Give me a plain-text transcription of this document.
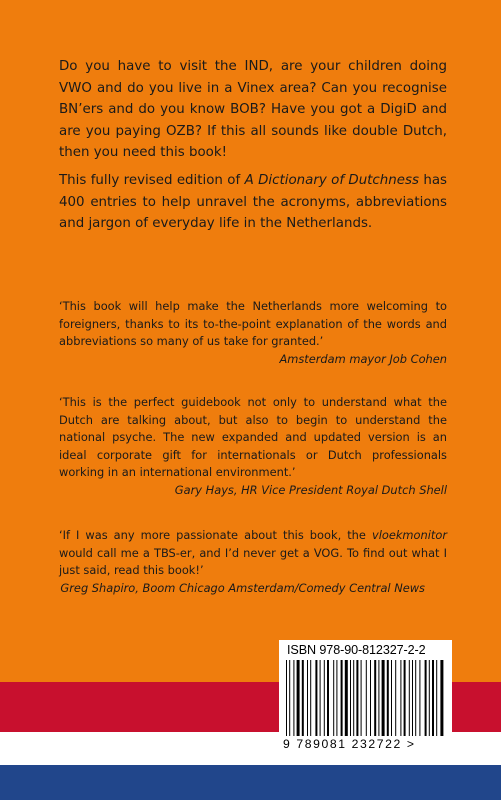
Do you have to visit the IND, are your children doing VWO and do you live in a Vinex area? Can you recognise BN’ers and do you know BOB? Have you got a DigiD and are you paying OZB? If this all sounds like double Dutch, then you need this book!

This fully revised edition of A Dictionary of Dutchness has 400 entries to help unravel the acronyms, abbreviations and jargon of everyday life in the Netherlands.

‘This book will help make the Netherlands more welcoming to foreigners, thanks to its to-the-point explanation of the words and abbreviations so many of us take for granted.’
Amsterdam mayor Job Cohen

‘This is the perfect guidebook not only to understand what the Dutch are talking about, but also to begin to understand the national psyche. The new expanded and updated version is an ideal corporate gift for internationals or Dutch professionals working in an international environment.’
Gary Hays, HR Vice President Royal Dutch Shell

‘If I was any more passionate about this book, the vloekmonitor would call me a TBS-er, and I’d never get a VOG. To find out what I just said, read this book!’
Greg Shapiro, Boom Chicago Amsterdam/Comedy Central News

ISBN 978-90-812327-2-2
9 789081 232722 >
